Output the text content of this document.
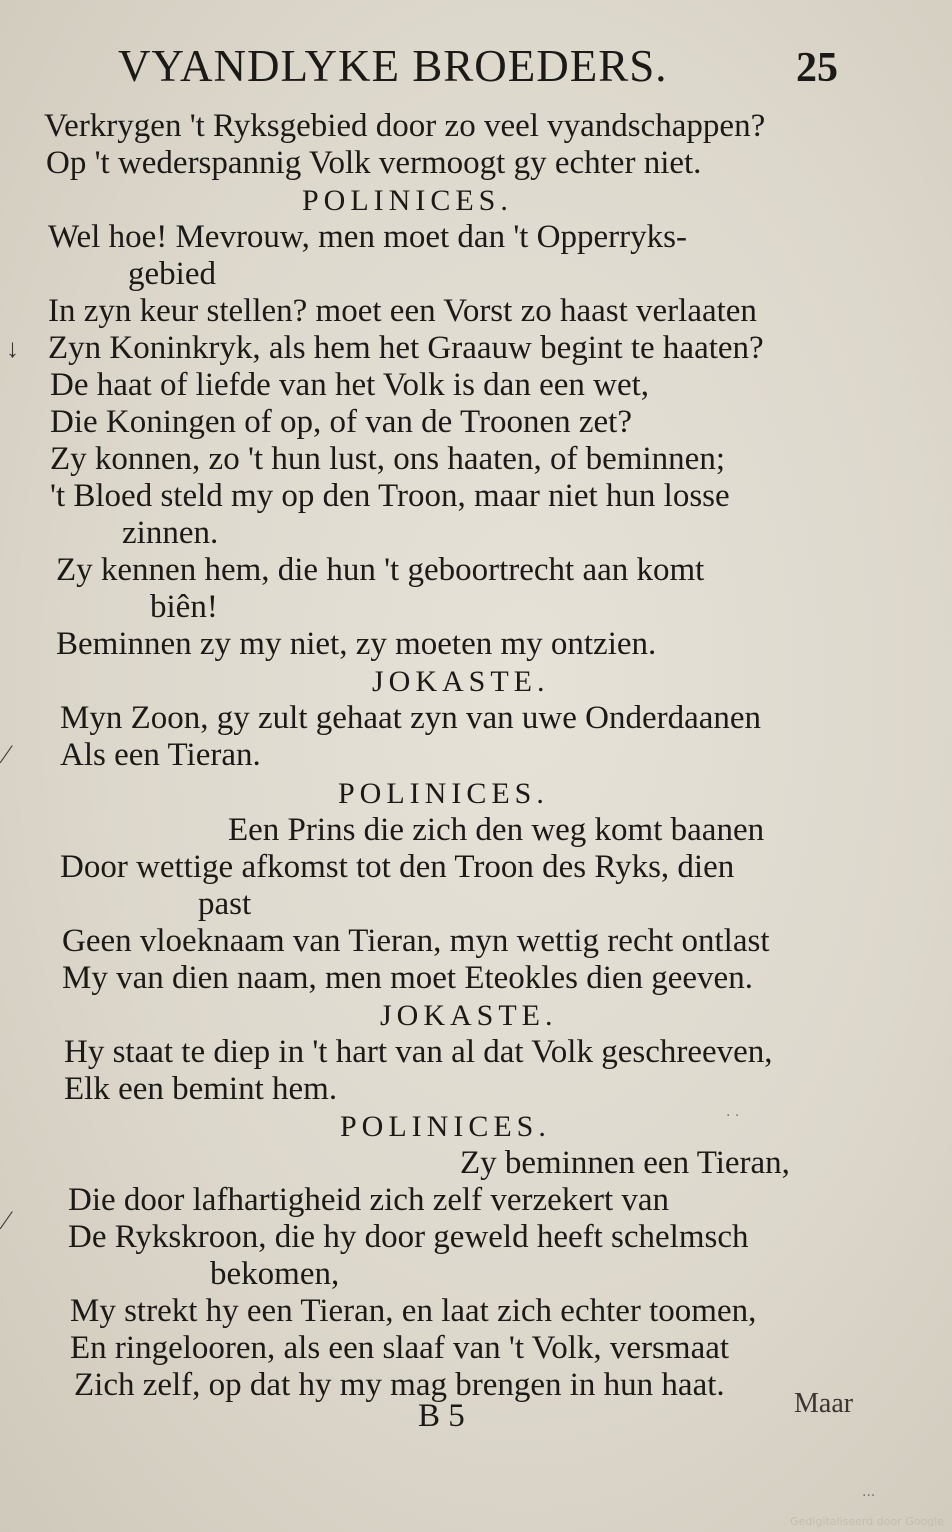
VYANDLYKE BROEDERS.	25
Verkrygen 't Ryksgebied door zo veel vyandschappen?
Op 't wederspannig Volk vermoogt gy echter niet.
POLINICES.
Wel hoe! Mevrouw, men moet dan 't Opperryks-
gebied
In zyn keur stellen? moet een Vorst zo haast verlaaten
Zyn Koninkryk, als hem het Graauw begint te haaten?
De haat of liefde van het Volk is dan een wet,
Die Koningen of op, of van de Troonen zet?
Zy konnen, zo 't hun lust, ons haaten, of beminnen;
't Bloed steld my op den Troon, maar niet hun losse
zinnen.
Zy kennen hem, die hun 't geboortrecht aan komt
biên!
Beminnen zy my niet, zy moeten my ontzien.
JOKASTE.
Myn Zoon, gy zult gehaat zyn van uwe Onderdaanen
Als een Tieran.
POLINICES.
Een Prins die zich den weg komt baanen
Door wettige afkomst tot den Troon des Ryks, dien
past
Geen vloeknaam van Tieran, myn wettig recht ontlast
My van dien naam, men moet Eteokles dien geeven.
JOKASTE.
Hy staat te diep in 't hart van al dat Volk geschreeven,
Elk een bemint hem.
POLINICES.
Zy beminnen een Tieran,
Die door lafhartigheid zich zelf verzekert van
De Rykskroon, die hy door geweld heeft schelmsch
bekomen,
My strekt hy een Tieran, en laat zich echter toomen,
En ringelooren, als een slaaf van 't Volk, versmaat
Zich zelf, op dat hy my mag brengen in hun haat.
↓
⁄
⁄
· ·
···
B 5	Maar
Gedigitaliseerd door Google
